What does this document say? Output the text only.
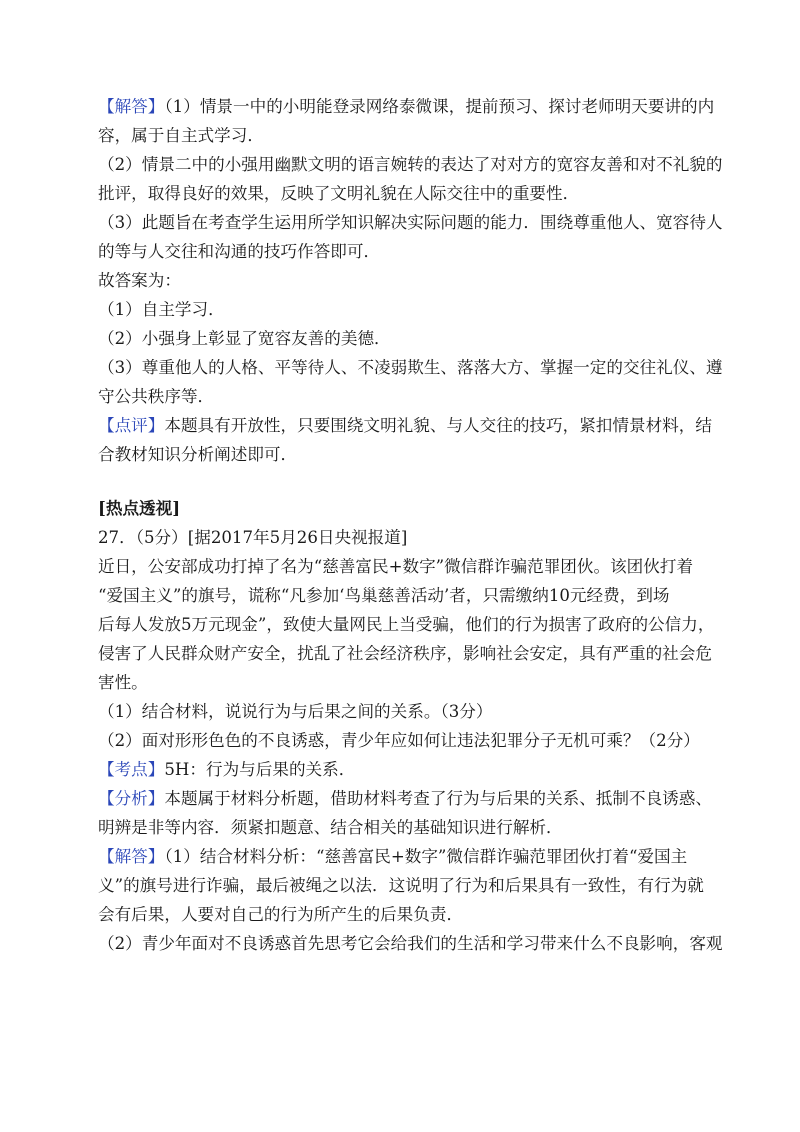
【解答】（1）情景一中的小明能登录网络泰微课，提前预习、探讨老师明天要讲的内

容，属于自主式学习．

（2）情景二中的小强用幽默文明的语言婉转的表达了对对方的宽容友善和对不礼貌的

批评，取得良好的效果，反映了文明礼貌在人际交往中的重要性．

（3）此题旨在考查学生运用所学知识解决实际问题的能力．围绕尊重他人、宽容待人

的等与人交往和沟通的技巧作答即可．

故答案为：

（1）自主学习．

（2）小强身上彰显了宽容友善的美德．

（3）尊重他人的人格、平等待人、不凌弱欺生、落落大方、掌握一定的交往礼仪、遵

守公共秩序等．

【点评】本题具有开放性，只要围绕文明礼貌、与人交往的技巧，紧扣情景材料，结

合教材知识分析阐述即可．

[热点透视]

27．（5分）[据2017年5月26日央视报道]

近日，公安部成功打掉了名为“慈善富民+数字”微信群诈骗范罪团伙。该团伙打着

“爱国主义”的旗号，谎称“凡参加‘鸟巢慈善活动’者，只需缴纳10元经费，到场

后每人发放5万元现金”，致使大量网民上当受骗，他们的行为损害了政府的公信力，

侵害了人民群众财产安全，扰乱了社会经济秩序，影响社会安定，具有严重的社会危

害性。

（1）结合材料，说说行为与后果之间的关系。（3分）

（2）面对形形色色的不良诱惑，青少年应如何让违法犯罪分子无机可乘？（2分）

【考点】5H：行为与后果的关系．

【分析】本题属于材料分析题，借助材料考查了行为与后果的关系、抵制不良诱惑、

明辨是非等内容．须紧扣题意、结合相关的基础知识进行解析．

【解答】（1）结合材料分析：“慈善富民+数字”微信群诈骗范罪团伙打着“爱国主

义”的旗号进行诈骗，最后被绳之以法．这说明了行为和后果具有一致性，有行为就

会有后果，人要对自己的行为所产生的后果负责．

（2）青少年面对不良诱惑首先思考它会给我们的生活和学习带来什么不良影响，客观
